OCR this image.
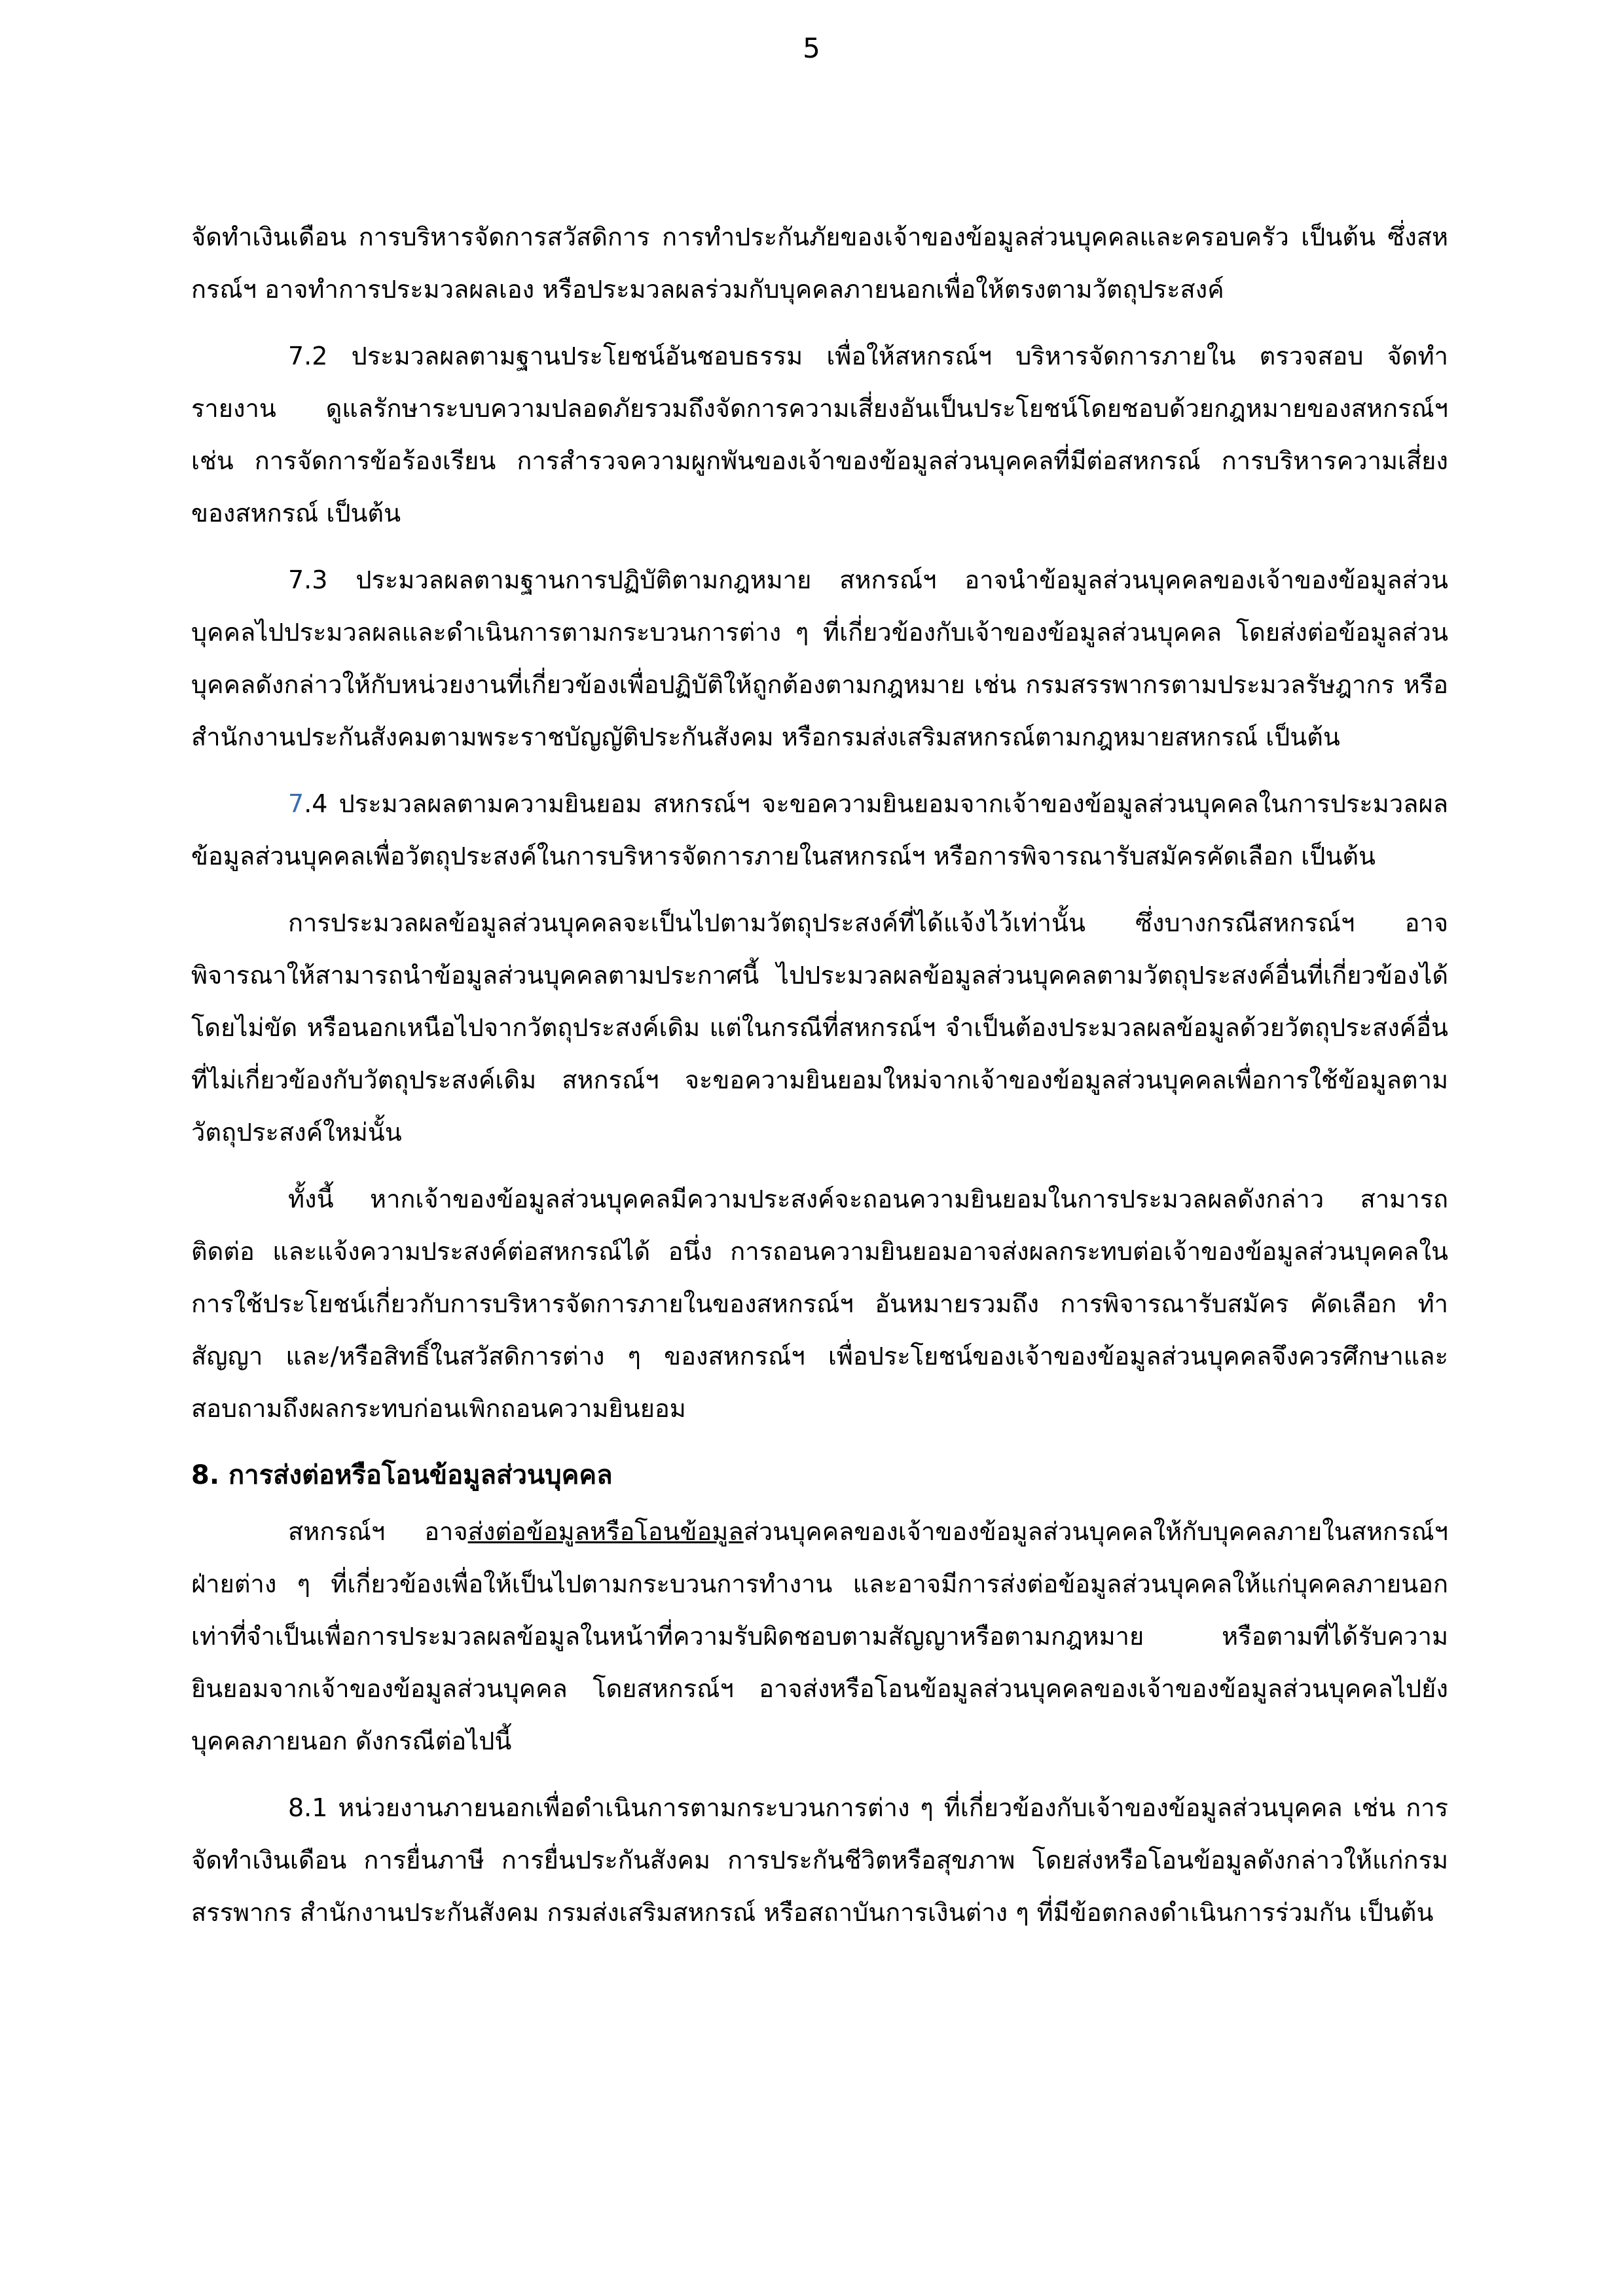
5

จัดทำเงินเดือน การบริหารจัดการสวัสดิการ การทำประกันภัยของเจ้าของข้อมูลส่วนบุคคลและครอบครัว เป็นต้น ซึ่งสหกรณ์ฯ อาจทำการประมวลผลเอง หรือประมวลผลร่วมกับบุคคลภายนอกเพื่อให้ตรงตามวัตถุประสงค์

7.2 ประมวลผลตามฐานประโยชน์อันชอบธรรม เพื่อให้สหกรณ์ฯ บริหารจัดการภายใน ตรวจสอบ จัดทำรายงาน ดูแลรักษาระบบความปลอดภัยรวมถึงจัดการความเสี่ยงอันเป็นประโยชน์โดยชอบด้วยกฎหมายของสหกรณ์ฯ เช่น การจัดการข้อร้องเรียน การสำรวจความผูกพันของเจ้าของข้อมูลส่วนบุคคลที่มีต่อสหกรณ์ การบริหารความเสี่ยงของสหกรณ์ เป็นต้น

7.3 ประมวลผลตามฐานการปฏิบัติตามกฎหมาย สหกรณ์ฯ อาจนำข้อมูลส่วนบุคคลของเจ้าของข้อมูลส่วนบุคคลไปประมวลผลและดำเนินการตามกระบวนการต่าง ๆ ที่เกี่ยวข้องกับเจ้าของข้อมูลส่วนบุคคล โดยส่งต่อข้อมูลส่วนบุคคลดังกล่าวให้กับหน่วยงานที่เกี่ยวข้องเพื่อปฏิบัติให้ถูกต้องตามกฎหมาย เช่น กรมสรรพากรตามประมวลรัษฎากร หรือสำนักงานประกันสังคมตามพระราชบัญญัติประกันสังคม หรือกรมส่งเสริมสหกรณ์ตามกฎหมายสหกรณ์ เป็นต้น

7.4 ประมวลผลตามความยินยอม สหกรณ์ฯ จะขอความยินยอมจากเจ้าของข้อมูลส่วนบุคคลในการประมวลผลข้อมูลส่วนบุคคลเพื่อวัตถุประสงค์ในการบริหารจัดการภายในสหกรณ์ฯ หรือการพิจารณารับสมัครคัดเลือก เป็นต้น

การประมวลผลข้อมูลส่วนบุคคลจะเป็นไปตามวัตถุประสงค์ที่ได้แจ้งไว้เท่านั้น ซึ่งบางกรณีสหกรณ์ฯ อาจพิจารณาให้สามารถนำข้อมูลส่วนบุคคลตามประกาศนี้ ไปประมวลผลข้อมูลส่วนบุคคลตามวัตถุประสงค์อื่นที่เกี่ยวข้องได้โดยไม่ขัด หรือนอกเหนือไปจากวัตถุประสงค์เดิม แต่ในกรณีที่สหกรณ์ฯ จำเป็นต้องประมวลผลข้อมูลด้วยวัตถุประสงค์อื่นที่ไม่เกี่ยวข้องกับวัตถุประสงค์เดิม สหกรณ์ฯ จะขอความยินยอมใหม่จากเจ้าของข้อมูลส่วนบุคคลเพื่อการใช้ข้อมูลตามวัตถุประสงค์ใหม่นั้น

ทั้งนี้ หากเจ้าของข้อมูลส่วนบุคคลมีความประสงค์จะถอนความยินยอมในการประมวลผลดังกล่าว สามารถติดต่อ และแจ้งความประสงค์ต่อสหกรณ์ได้ อนึ่ง การถอนความยินยอมอาจส่งผลกระทบต่อเจ้าของข้อมูลส่วนบุคคลในการใช้ประโยชน์เกี่ยวกับการบริหารจัดการภายในของสหกรณ์ฯ อันหมายรวมถึง การพิจารณารับสมัคร คัดเลือก ทำสัญญา และ/หรือสิทธิ์ในสวัสดิการต่าง ๆ ของสหกรณ์ฯ เพื่อประโยชน์ของเจ้าของข้อมูลส่วนบุคคลจึงควรศึกษาและสอบถามถึงผลกระทบก่อนเพิกถอนความยินยอม

8. การส่งต่อหรือโอนข้อมูลส่วนบุคคล

สหกรณ์ฯ อาจส่งต่อข้อมูลหรือโอนข้อมูลส่วนบุคคลของเจ้าของข้อมูลส่วนบุคคลให้กับบุคคลภายในสหกรณ์ฯ ฝ่ายต่าง ๆ ที่เกี่ยวข้องเพื่อให้เป็นไปตามกระบวนการทำงาน และอาจมีการส่งต่อข้อมูลส่วนบุคคลให้แก่บุคคลภายนอกเท่าที่จำเป็นเพื่อการประมวลผลข้อมูลในหน้าที่ความรับผิดชอบตามสัญญาหรือตามกฎหมาย หรือตามที่ได้รับความยินยอมจากเจ้าของข้อมูลส่วนบุคคล โดยสหกรณ์ฯ อาจส่งหรือโอนข้อมูลส่วนบุคคลของเจ้าของข้อมูลส่วนบุคคลไปยังบุคคลภายนอก ดังกรณีต่อไปนี้

8.1 หน่วยงานภายนอกเพื่อดำเนินการตามกระบวนการต่าง ๆ ที่เกี่ยวข้องกับเจ้าของข้อมูลส่วนบุคคล เช่น การจัดทำเงินเดือน การยื่นภาษี การยื่นประกันสังคม การประกันชีวิตหรือสุขภาพ โดยส่งหรือโอนข้อมูลดังกล่าวให้แก่กรมสรรพากร สำนักงานประกันสังคม กรมส่งเสริมสหกรณ์ หรือสถาบันการเงินต่าง ๆ ที่มีข้อตกลงดำเนินการร่วมกัน เป็นต้น
